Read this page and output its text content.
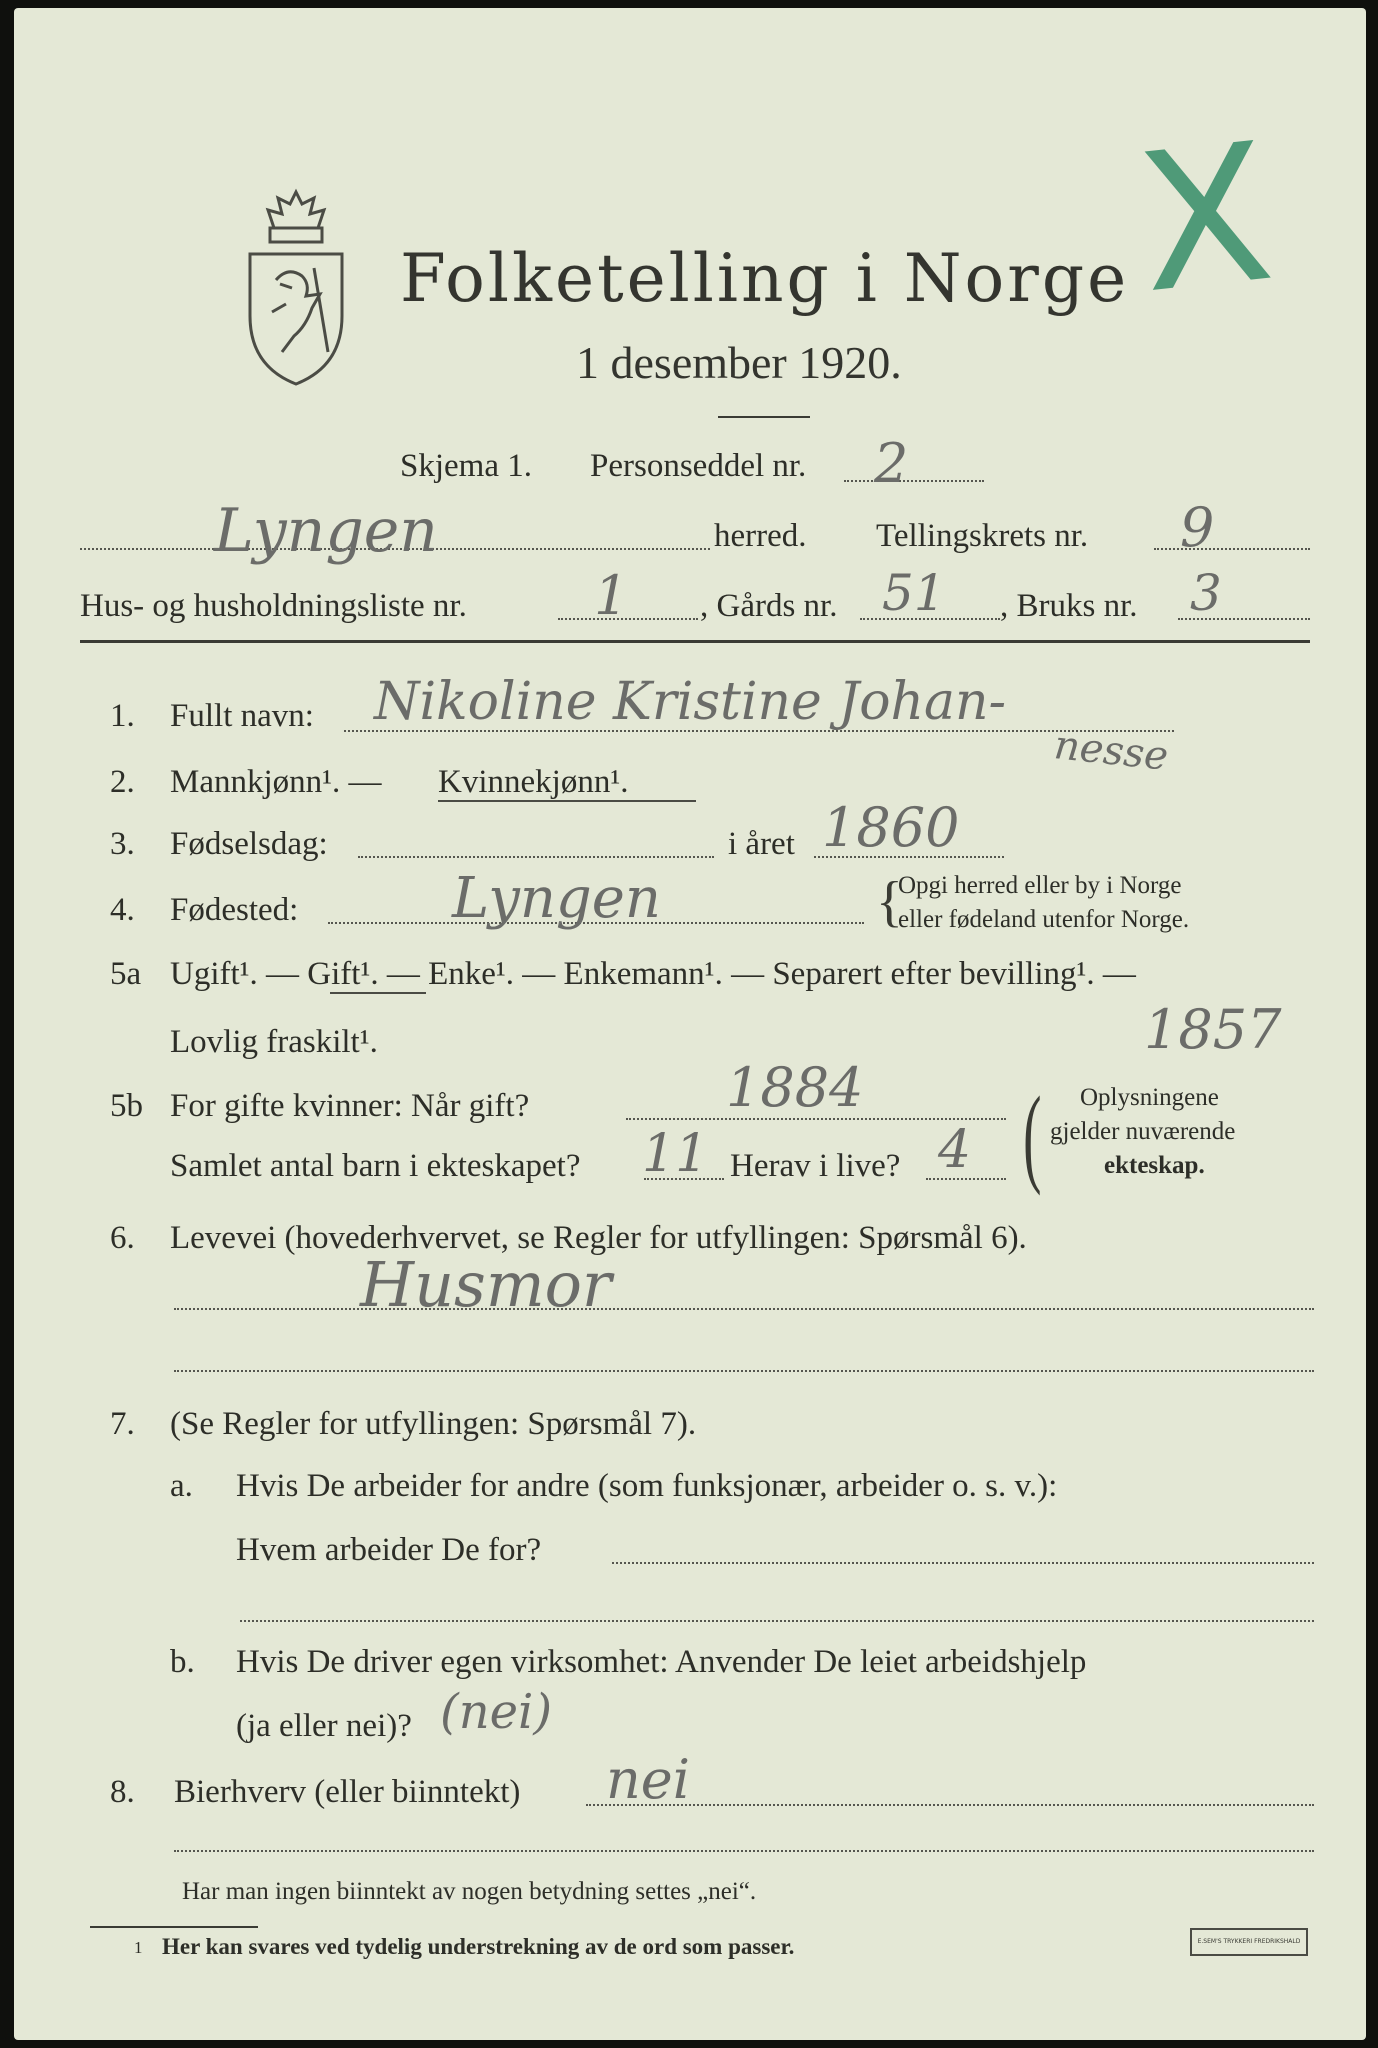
Folketelling i Norge
1 desember 1920.
X
Skjema 1. Personseddel nr. 2
Lyngen	herred. Tellingskrets nr. 9
Hus- og husholdningsliste nr. 1 , Gårds nr. 51 , Bruks nr. 3
1. Fullt navn: Nikoline Kristine Johan-
nesse
2. Mannkjønn¹. — Kvinnekjønn¹.
3. Fødselsdag:	i året 1860
4. Fødested:	Lyngen	{
Opgi herred eller by i Norge
eller fødeland utenfor Norge.
5a Ugift¹. — Gift¹. — Enke¹. — Enkemann¹. — Separert efter bevilling¹. —
Lovlig fraskilt¹.	1857
5b For gifte kvinner: Når gift?	1884
Samlet antal barn i ekteskapet? 11 Herav i live? 4 ( Oplysningene
gjelder nuværende
ekteskap.
6. Levevei (hovederhvervet, se Regler for utfyllingen: Spørsmål 6).
Husmor
7. (Se Regler for utfyllingen: Spørsmål 7).
a. Hvis De arbeider for andre (som funksjonær, arbeider o. s. v.):
Hvem arbeider De for?
b. Hvis De driver egen virksomhet: Anvender De leiet arbeidshjelp
(ja eller nei)? (nei)
8. Bierhverv (eller biinntekt) nei
Har man ingen biinntekt av nogen betydning settes „nei“.
1 Her kan svares ved tydelig understrekning av de ord som passer.	E.SEM'S TRYKKERI FREDRIKSHALD
